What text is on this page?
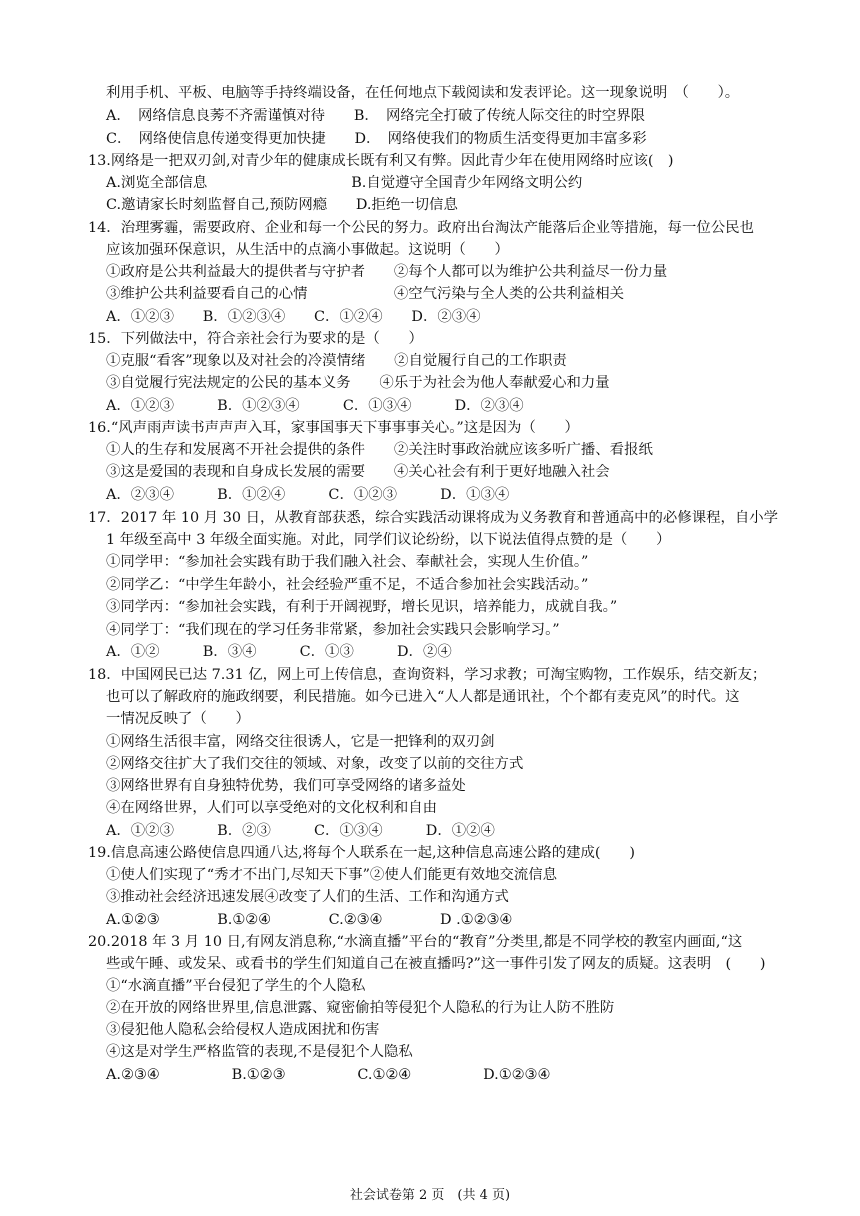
利用手机、平板、电脑等手持终端设备，在任何地点下载阅读和发表评论。这一现象说明　（　　）。
A．　网络信息良莠不齐需谨慎对待　　B．　网络完全打破了传统人际交往的时空界限
C．　网络使信息传递变得更加快捷　　D．　网络使我们的物质生活变得更加丰富多彩
13.网络是一把双刃剑,对青少年的健康成长既有利又有弊。因此青少年在使用网络时应该(　)
A.浏览全部信息　　　　　　　　　　B.自觉遵守全国青少年网络文明公约
C.邀请家长时刻监督自己,预防网瘾　　D.拒绝一切信息
14．治理雾霾，需要政府、企业和每一个公民的努力。政府出台淘汰产能落后企业等措施，每一位公民也
应该加强环保意识，从生活中的点滴小事做起。这说明（　　）
①政府是公共利益最大的提供者与守护者　　②每个人都可以为维护公共利益尽一份力量
③维护公共利益要看自己的心情　　　　　　④空气污染与全人类的公共利益相关
A．①②③　　B．①②③④　　C．①②④　　D．②③④
15．下列做法中，符合亲社会行为要求的是（　　）
①克服“看客”现象以及对社会的冷漠情绪　　②自觉履行自己的工作职责
③自觉履行宪法规定的公民的基本义务　　④乐于为社会为他人奉献爱心和力量
A．①②③　　　B．①②③④　　　C．①③④　　　D．②③④
16.“风声雨声读书声声声入耳，家事国事天下事事事关心。”这是因为（　　）
①人的生存和发展离不开社会提供的条件　　②关注时事政治就应该多听广播、看报纸
③这是爱国的表现和自身成长发展的需要　　④关心社会有利于更好地融入社会
A．②③④　　　B．①②④　　　C．①②③　　　D．①③④
17．2017 年 10 月 30 日，从教育部获悉，综合实践活动课将成为义务教育和普通高中的必修课程，自小学
1 年级至高中 3 年级全面实施。对此，同学们议论纷纷，以下说法值得点赞的是（　　）
①同学甲：“参加社会实践有助于我们融入社会、奉献社会，实现人生价值。”
②同学乙：“中学生年龄小，社会经验严重不足，不适合参加社会实践活动。”
③同学丙：“参加社会实践，有利于开阔视野，增长见识，培养能力，成就自我。”
④同学丁：“我们现在的学习任务非常紧，参加社会实践只会影响学习。”
A．①②　　　B．③④　　　C．①③　　　D．②④
18．中国网民已达 7.31 亿，网上可上传信息，查询资料，学习求教；可淘宝购物，工作娱乐，结交新友；
也可以了解政府的施政纲要，利民措施。如今已进入“人人都是通讯社，个个都有麦克风”的时代。这
一情况反映了（　　）
①网络生活很丰富，网络交往很诱人，它是一把锋利的双刃剑
②网络交往扩大了我们交往的领域、对象，改变了以前的交往方式
③网络世界有自身独特优势，我们可享受网络的诸多益处
④在网络世界，人们可以享受绝对的文化权利和自由
A．①②③　　　B．②③　　　C．①③④　　　D．①②④
19.信息高速公路使信息四通八达,将每个人联系在一起,这种信息高速公路的建成(　　)
①使人们实现了“秀才不出门,尽知天下事”②使人们能更有效地交流信息
③推动社会经济迅速发展④改变了人们的生活、工作和沟通方式
A.①②③　　　　B.①②④　　　　C.②③④　　　　D .①②③④
20.2018 年 3 月 10 日,有网友消息称,“水滴直播”平台的“教育”分类里,都是不同学校的教室内画面,“这
些或午睡、或发呆、或看书的学生们知道自己在被直播吗?”这一事件引发了网友的质疑。这表明　(　　)
①“水滴直播”平台侵犯了学生的个人隐私
②在开放的网络世界里,信息泄露、窥密偷拍等侵犯个人隐私的行为让人防不胜防
③侵犯他人隐私会给侵权人造成困扰和伤害
④这是对学生严格监管的表现,不是侵犯个人隐私
A.②③④　　　　　B.①②③　　　　　C.①②④　　　　　D.①②③④
社会试卷第 2 页　(共 4 页)
